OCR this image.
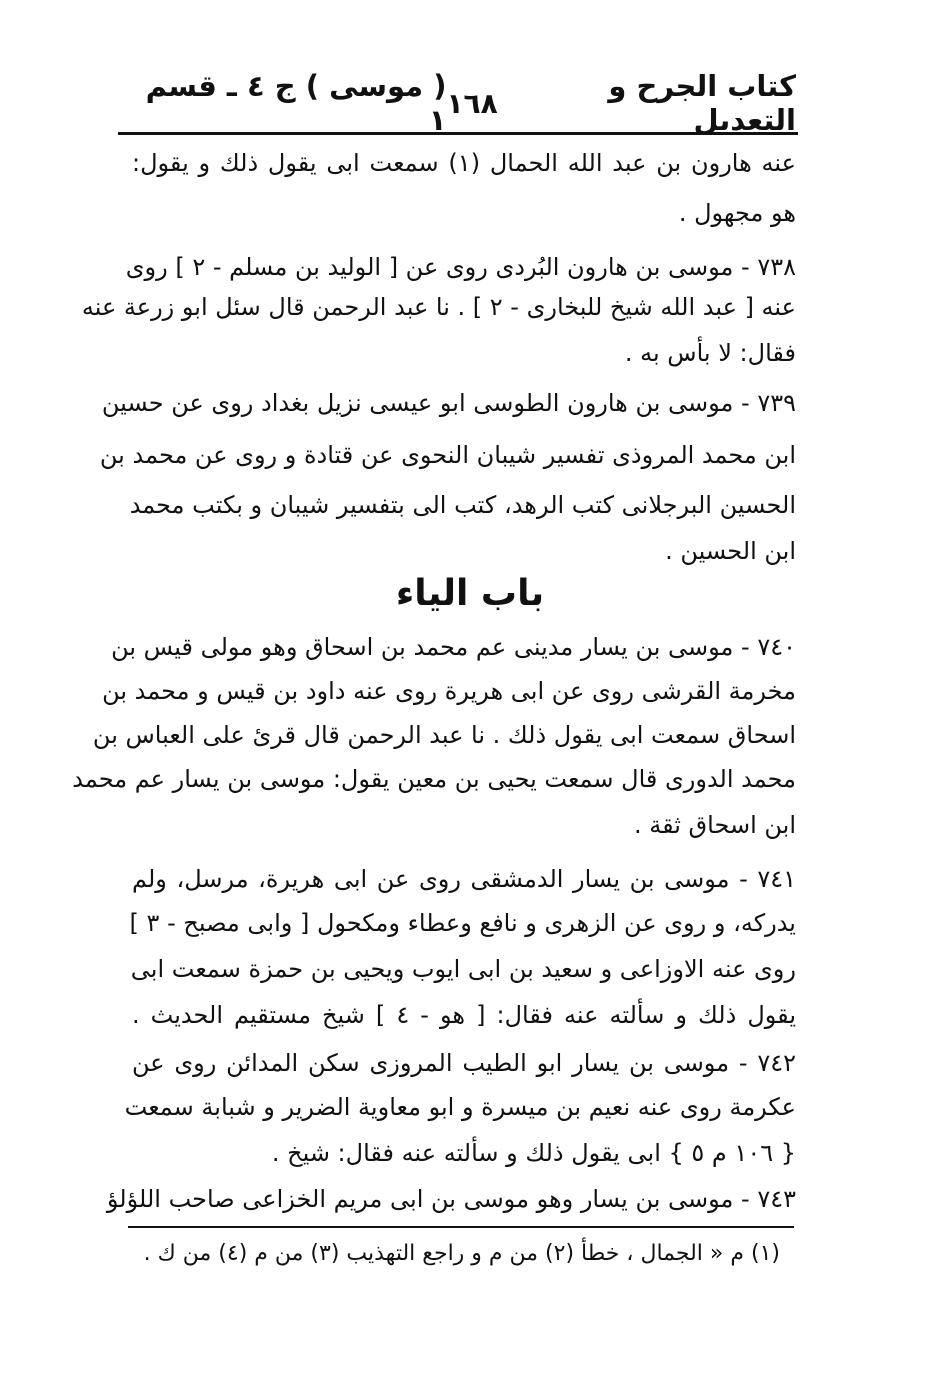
كتاب الجرح و التعديل
١٦٨
( موسى ) ج ٤ ـ قسم ١
عنه هارون بن عبد الله الحمال (١) سمعت ابى يقول ذلك و يقول:
هو مجهول .
٧٣٨ - موسى بن هارون البُردى روى عن [ الوليد بن مسلم - ٢ ] روى
عنه [ عبد الله شيخ للبخارى - ٢ ] . نا عبد الرحمن قال سئل ابو زرعة عنه
فقال: لا بأس به .
٧٣٩ - موسى بن هارون الطوسى ابو عيسى نزيل بغداد روى عن حسين
ابن محمد المروذى تفسير شيبان النحوى عن قتادة و روى عن محمد بن
الحسين البرجلانى كتب الرهد، كتب الى بتفسير شيبان و بكتب محمد
ابن الحسين .
باب الياء
٧٤٠ - موسى بن يسار مدينى عم محمد بن اسحاق وهو مولى قيس بن
مخرمة القرشى روى عن ابى هريرة روى عنه داود بن قيس و محمد بن
اسحاق سمعت ابى يقول ذلك . نا عبد الرحمن قال قرئ على العباس بن
محمد الدورى قال سمعت يحيى بن معين يقول: موسى بن يسار عم محمد
ابن اسحاق ثقة .
٧٤١ - موسى بن يسار الدمشقى روى عن ابى هريرة، مرسل، ولم
يدركه، و روى عن الزهرى و نافع وعطاء ومكحول [ وابى مصبح - ٣ ]
روى عنه الاوزاعى و سعيد بن ابى ايوب ويحيى بن حمزة سمعت ابى
يقول ذلك و سألته عنه فقال: [ هو - ٤ ] شيخ مستقيم الحديث .
٧٤٢ - موسى بن يسار ابو الطيب المروزى سكن المدائن روى عن
عكرمة روى عنه نعيم بن ميسرة و ابو معاوية الضرير و شبابة سمعت
{ ١٠٦ م ٥ } ابى يقول ذلك و سألته عنه فقال: شيخ .
٧٤٣ - موسى بن يسار وهو موسى بن ابى مريم الخزاعى صاحب اللؤلؤ
(١) م « الجمال ، خطأ (٢) من م و راجع التهذيب (٣) من م (٤) من ك .
